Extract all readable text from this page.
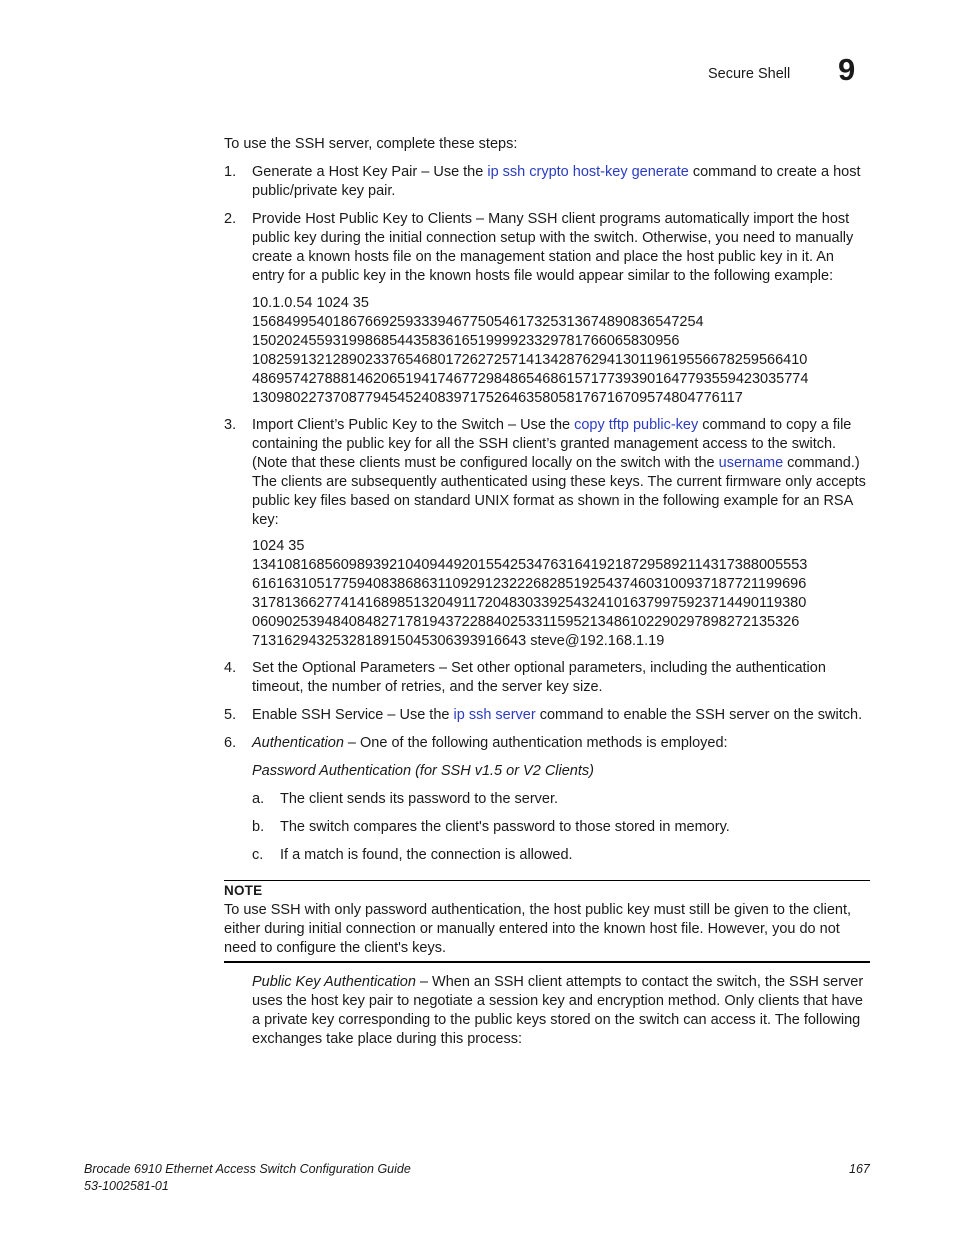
Secure Shell 9
To use the SSH server, complete these steps:
1. Generate a Host Key Pair – Use the ip ssh crypto host-key generate command to create a host public/private key pair.
2. Provide Host Public Key to Clients – Many SSH client programs automatically import the host public key during the initial connection setup with the switch. Otherwise, you need to manually create a known hosts file on the management station and place the host public key in it. An entry for a public key in the known hosts file would appear similar to the following example:
10.1.0.54 1024 35
15684995401867669259333946775054617325313674890836547254
15020245593199868544358361651999923329781766065830956
10825913212890233765468017262725714134287629413011961955667825956641​0
48695742788814620651941746772984865468615717739390164779355942303577​4
13098022737087794545240839717526463580581767167095748047761​17
3. Import Client’s Public Key to the Switch – Use the copy tftp public-key command to copy a file containing the public key for all the SSH client’s granted management access to the switch. (Note that these clients must be configured locally on the switch with the username command.) The clients are subsequently authenticated using these keys. The current firmware only accepts public key files based on standard UNIX format as shown in the following example for an RSA key:
1024 35
134108168560989392104094492015542534763164192187295892114317388005553
61616310517759408386863110929123222682851925437460310093718772119969​6
31781366277414168985132049117204830339254324101637997592371449011938​0
06090253948408482717819437228840253311595213486102290297898272135326
7131629432532818915045306393916643 steve@192.168.1.19
4. Set the Optional Parameters – Set other optional parameters, including the authentication timeout, the number of retries, and the server key size.
5. Enable SSH Service – Use the ip ssh server command to enable the SSH server on the switch.
6. Authentication – One of the following authentication methods is employed:
Password Authentication (for SSH v1.5 or V2 Clients)
a. The client sends its password to the server.
b. The switch compares the client's password to those stored in memory.
c. If a match is found, the connection is allowed.
NOTE
To use SSH with only password authentication, the host public key must still be given to the client, either during initial connection or manually entered into the known host file. However, you do not need to configure the client's keys.
Public Key Authentication – When an SSH client attempts to contact the switch, the SSH server uses the host key pair to negotiate a session key and encryption method. Only clients that have a private key corresponding to the public keys stored on the switch can access it. The following exchanges take place during this process:
Brocade 6910 Ethernet Access Switch Configuration Guide
53-1002581-01
167
